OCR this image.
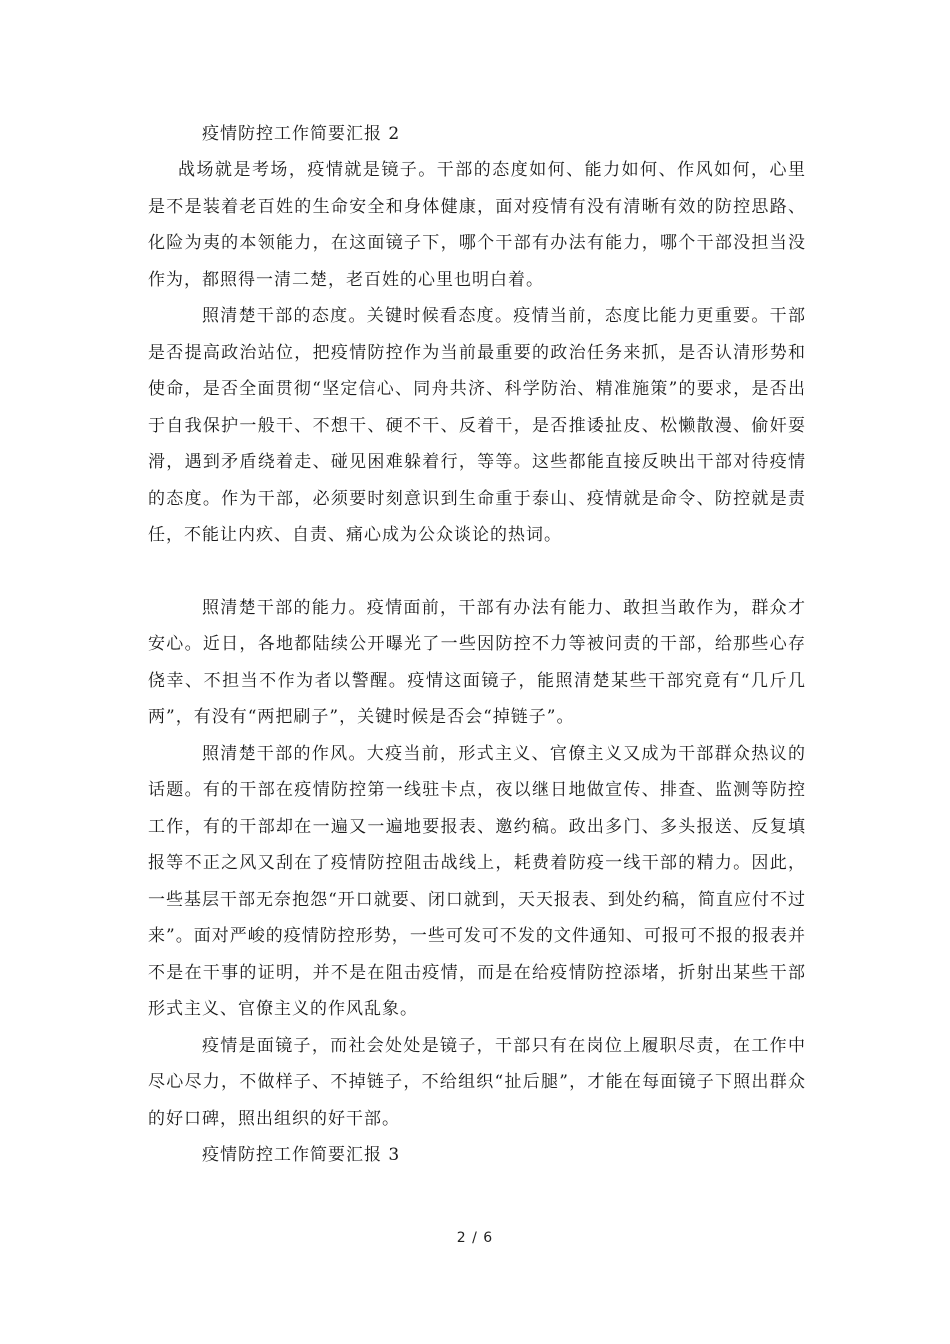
疫情防控工作简要汇报 2

战场就是考场，疫情就是镜子。干部的态度如何、能力如何、作风如何，心里是不是装着老百姓的生命安全和身体健康，面对疫情有没有清晰有效的防控思路、化险为夷的本领能力，在这面镜子下，哪个干部有办法有能力，哪个干部没担当没作为，都照得一清二楚，老百姓的心里也明白着。

照清楚干部的态度。关键时候看态度。疫情当前，态度比能力更重要。干部是否提高政治站位，把疫情防控作为当前最重要的政治任务来抓，是否认清形势和使命，是否全面贯彻“坚定信心、同舟共济、科学防治、精准施策”的要求，是否出于自我保护一般干、不想干、硬不干、反着干，是否推诿扯皮、松懒散漫、偷奸耍滑，遇到矛盾绕着走、碰见困难躲着行，等等。这些都能直接反映出干部对待疫情的态度。作为干部，必须要时刻意识到生命重于泰山、疫情就是命令、防控就是责任，不能让内疚、自责、痛心成为公众谈论的热词。

照清楚干部的能力。疫情面前，干部有办法有能力、敢担当敢作为，群众才安心。近日，各地都陆续公开曝光了一些因防控不力等被问责的干部，给那些心存侥幸、不担当不作为者以警醒。疫情这面镜子，能照清楚某些干部究竟有“几斤几两”，有没有“两把刷子”，关键时候是否会“掉链子”。

照清楚干部的作风。大疫当前，形式主义、官僚主义又成为干部群众热议的话题。有的干部在疫情防控第一线驻卡点，夜以继日地做宣传、排查、监测等防控工作，有的干部却在一遍又一遍地要报表、邀约稿。政出多门、多头报送、反复填报等不正之风又刮在了疫情防控阻击战线上，耗费着防疫一线干部的精力。因此，一些基层干部无奈抱怨“开口就要、闭口就到，天天报表、到处约稿，简直应付不过来”。面对严峻的疫情防控形势，一些可发可不发的文件通知、可报可不报的报表并不是在干事的证明，并不是在阻击疫情，而是在给疫情防控添堵，折射出某些干部形式主义、官僚主义的作风乱象。

疫情是面镜子，而社会处处是镜子，干部只有在岗位上履职尽责，在工作中尽心尽力，不做样子、不掉链子，不给组织“扯后腿”，才能在每面镜子下照出群众的好口碑，照出组织的好干部。

疫情防控工作简要汇报 3

2 / 6
